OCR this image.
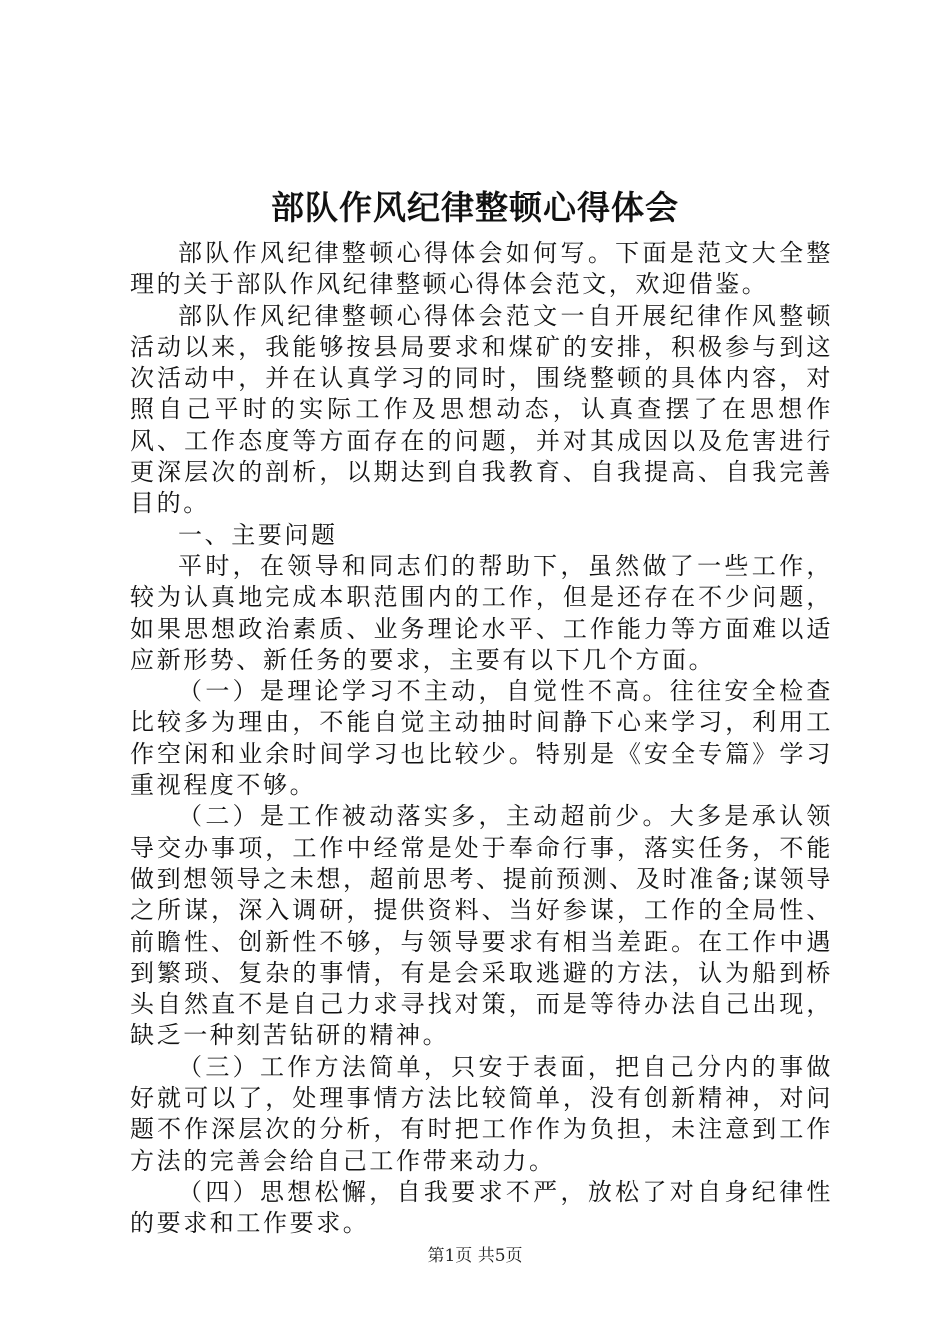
部队作风纪律整顿心得体会

部队作风纪律整顿心得体会如何写。下面是范文大全整理的关于部队作风纪律整顿心得体会范文，欢迎借鉴。

部队作风纪律整顿心得体会范文一自开展纪律作风整顿活动以来，我能够按县局要求和煤矿的安排，积极参与到这次活动中，并在认真学习的同时，围绕整顿的具体内容，对照自己平时的实际工作及思想动态，认真查摆了在思想作风、工作态度等方面存在的问题，并对其成因以及危害进行更深层次的剖析，以期达到自我教育、自我提高、自我完善目的。

一、主要问题

平时，在领导和同志们的帮助下，虽然做了一些工作，较为认真地完成本职范围内的工作，但是还存在不少问题，如果思想政治素质、业务理论水平、工作能力等方面难以适应新形势、新任务的要求，主要有以下几个方面。

（一）是理论学习不主动，自觉性不高。往往安全检查比较多为理由，不能自觉主动抽时间静下心来学习，利用工作空闲和业余时间学习也比较少。特别是《安全专篇》学习重视程度不够。

（二）是工作被动落实多，主动超前少。大多是承认领导交办事项，工作中经常是处于奉命行事，落实任务，不能做到想领导之未想，超前思考、提前预测、及时准备;谋领导之所谋，深入调研，提供资料、当好参谋，工作的全局性、前瞻性、创新性不够，与领导要求有相当差距。在工作中遇到繁琐、复杂的事情，有是会采取逃避的方法，认为船到桥头自然直不是自己力求寻找对策，而是等待办法自己出现，缺乏一种刻苦钻研的精神。

（三）工作方法简单，只安于表面，把自己分内的事做好就可以了，处理事情方法比较简单，没有创新精神，对问题不作深层次的分析，有时把工作作为负担，未注意到工作方法的完善会给自己工作带来动力。

（四）思想松懈，自我要求不严，放松了对自身纪律性的要求和工作要求。

第1页 共5页
